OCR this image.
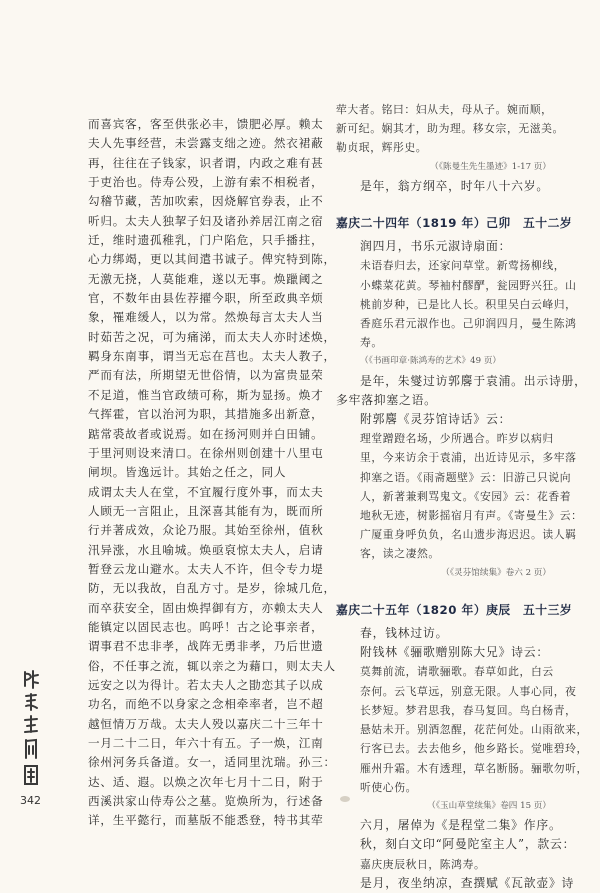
而喜宾客，客至供张必丰，馈肥必厚。赖太
夫人先事经营，未尝露支绌之迹。然衣裙蔽
再，往往在子钱家，识者谓，内政之难有甚
于吏治也。侍寿公殁，上游有索不相税者，
勾稽节藏，苦加吹索，因烧解官券表，止不
听归。太夫人独挈子妇及诸孙养居江南之宿
迁，维时遗孤稚乳，门户陷危，只手播拄，
心力绑竭，更以其间遣书诚子。俾究特到陈，
无激无挠，人莫能难，遂以无事。焕躐阈之
官，不数年由县佐荐擢今职，所至政典辛烦
象，罹难缓人，以为常。然焕每言太夫人当
时茹苦之况，可为痛涕，而太夫人亦时述焕，
羁身东南事，谓当无忘在莒也。太夫人教子，
严而有法，所期望无世俗情，以为富贵显荣
不足道，惟当官政绩可称，斯为显扬。焕才
气挥霍，官以治河为职，其措施多出新意，
踮常裘故者或说焉。如在扬河则并白田铺。
于里河则设来清口。在徐州则创建十八里屯
闸坝。皆逸远计。其始之任之，同人
成谓太夫人在堂，不宜履行度外事，而太夫
人顾无一言阻止，且深喜其能有为，既而所
行并著成效，众论乃服。其始至徐州，值秋
汛异涨，水且喻城。焕亟裒惊太夫人，启请
暂登云龙山避水。太夫人不许，但令专力堤
防，无以我故，自乱方寸。是岁，徐城几危，
而卒获安全，固由焕捍御有方，亦赖太夫人
能镇定以固民志也。呜呼！古之论事亲者，
谓事君不忠非孝，战阵无勇非孝，乃后世遗
俗，不任事之流，辄以亲之为藉口，则太夫人
远安之以为得计。若太夫人之勖恋其子以成
功名，而绝不以身家之念相牵率者，岂不超
越恒情万万哉。太夫人殁以嘉庆二十三年十
一月二十二日，年六十有五。子一焕，江南
徐州河务兵备道。女一，适同里沈瑞。孙三：
达、适、遐。以焕之次年七月十二日，附于
西溪洪家山侍寿公之墓。览焕所为，行述备
详，生平懿行，而墓版不能悉登，特书其荦
荦大者。铭曰：妇从夫，母从子。婉而顺，
新可纪。娴其才，助为理。移女宗，无滋美。
勒贞珉，辉彤史。
（《陈曼生先生墨迹》1-17 页）
是年，翁方纲卒，时年八十六岁。
嘉庆二十四年（1819 年）己卯　五十二岁
润四月，书乐元淑诗扇面：
未语春归去，还家问草堂。新莺扬柳线，
小蝶菜花黄。琴袖村醪酽，瓮园野兴狂。山
桃前岁种，已是比人长。积里吴白云峰归，
香庭乐君元淑作也。己卯润四月，曼生陈鸿
寿。
（《书画印章·陈鸿寿的艺术》49 页）
是年，朱燮过访郭麐于袁浦。出示诗册，
多牢落抑塞之语。
附郭麐《灵芬馆诗话》云：
理堂蹭蹬名场，少所遇合。昨岁以病归
里，今来访余于袁浦，出近诗见示，多牢落
抑塞之语。《雨斋题壁》云：旧游己只说向
人，新著兼剩骂鬼文。《安园》云：花香着
地秋无迹，树影摇宿月有声。《寄曼生》云：
广厦重身呼负负，名山遗步海迟迟。读人羁
客，读之凄然。
（《灵芬馆续集》卷六 2 页）
嘉庆二十五年（1820 年）庚辰　五十三岁
春，钱林过访。
附钱林《骊歌赠别陈大兄》诗云：
莫舞前流，请歌骊歌。春草如此，白云
奈何。云飞草远，别意无限。人事心同，夜
长梦短。梦君思我，春马复回。鸟白杨青，
悬姑未开。别酒忽醒，花茫何处。山雨欲来，
行客已去。去去他乡，他乡路长。觉唯碧玲，
雁州升霜。木有透理，草名断肠。骊歌勿听，
听使心伤。
（《玉山草堂续集》卷四 15 页）
六月，屠倬为《是程堂二集》作序。
秋，刻白文印“阿曼陀室主人”，款云：
嘉庆庚辰秋日，陈鸿寿。
是月，夜坐纳凉，查撰赋《瓦歆壶》诗
342
